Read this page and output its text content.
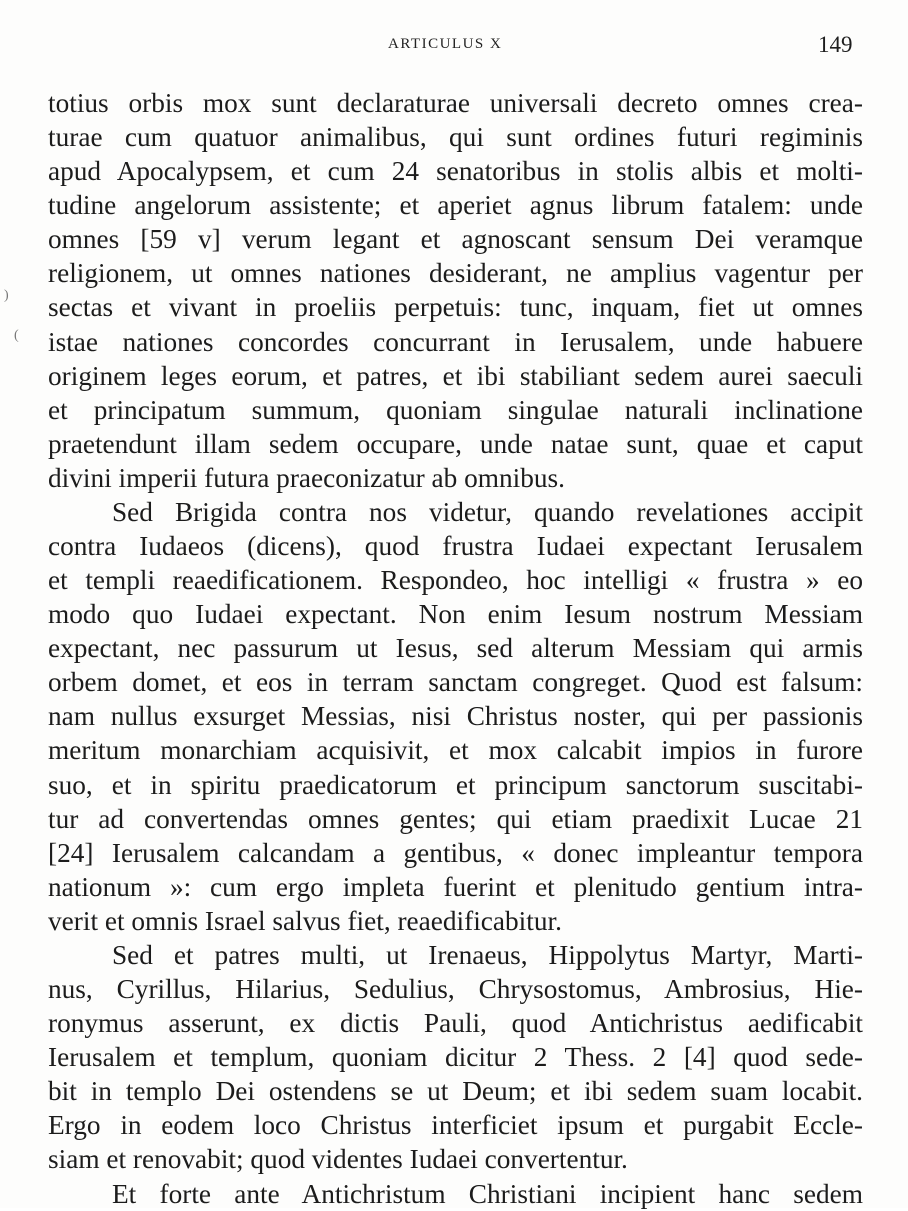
ARTICULUS X	149
totius orbis mox sunt declaraturae universali decreto omnes crea-
turae cum quatuor animalibus, qui sunt ordines futuri regiminis
apud Apocalypsem, et cum 24 senatoribus in stolis albis et molti-
tudine angelorum assistente; et aperiet agnus librum fatalem: unde
omnes [59 v] verum legant et agnoscant sensum Dei veramque
religionem, ut omnes nationes desiderant, ne amplius vagentur per
sectas et vivant in proeliis perpetuis: tunc, inquam, fiet ut omnes
istae nationes concordes concurrant in Ierusalem, unde habuere
originem leges eorum, et patres, et ibi stabiliant sedem aurei saeculi
et principatum summum, quoniam singulae naturali inclinatione
praetendunt illam sedem occupare, unde natae sunt, quae et caput
divini imperii futura praeconizatur ab omnibus.
Sed Brigida contra nos videtur, quando revelationes accipit
contra Iudaeos (dicens), quod frustra Iudaei expectant Ierusalem
et templi reaedificationem. Respondeo, hoc intelligi « frustra » eo
modo quo Iudaei expectant. Non enim Iesum nostrum Messiam
expectant, nec passurum ut Iesus, sed alterum Messiam qui armis
orbem domet, et eos in terram sanctam congreget. Quod est falsum:
nam nullus exsurget Messias, nisi Christus noster, qui per passionis
meritum monarchiam acquisivit, et mox calcabit impios in furore
suo, et in spiritu praedicatorum et principum sanctorum suscitabi-
tur ad convertendas omnes gentes; qui etiam praedixit Lucae 21
[24] Ierusalem calcandam a gentibus, « donec impleantur tempora
nationum »: cum ergo impleta fuerint et plenitudo gentium intra-
verit et omnis Israel salvus fiet, reaedificabitur.
Sed et patres multi, ut Irenaeus, Hippolytus Martyr, Marti-
nus, Cyrillus, Hilarius, Sedulius, Chrysostomus, Ambrosius, Hie-
ronymus asserunt, ex dictis Pauli, quod Antichristus aedificabit
Ierusalem et templum, quoniam dicitur 2 Thess. 2 [4] quod sede-
bit in templo Dei ostendens se ut Deum; et ibi sedem suam locabit.
Ergo in eodem loco Christus interficiet ipsum et purgabit Eccle-
siam et renovabit; quod videntes Iudaei convertentur.
Et forte ante Antichristum Christiani incipient hanc sedem
)
(
